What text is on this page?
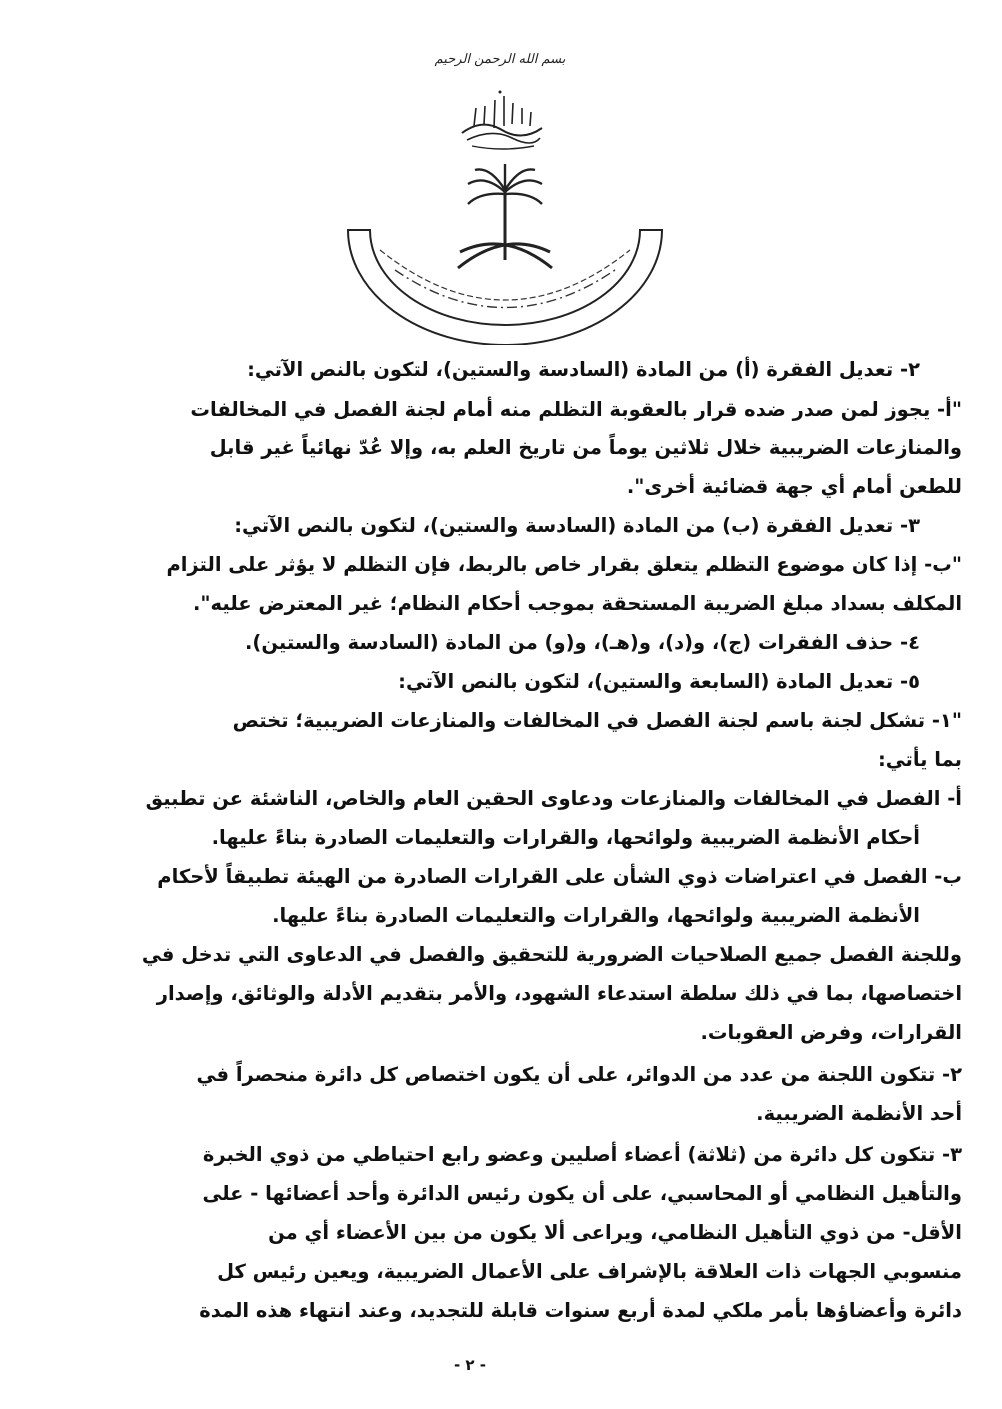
بسم الله الرحمن الرحيم
٢- تعديل الفقرة (أ) من المادة (السادسة والستين)، لتكون بالنص الآتي:
"أ- يجوز لمن صدر ضده قرار بالعقوبة التظلم منه أمام لجنة الفصل في المخالفات
والمنازعات الضريبية خلال ثلاثين يوماً من تاريخ العلم به، وإلا عُدّ نهائياً غير قابل
للطعن أمام أي جهة قضائية أخرى".
٣- تعديل الفقرة (ب) من المادة (السادسة والستين)، لتكون بالنص الآتي:
"ب- إذا كان موضوع التظلم يتعلق بقرار خاص بالربط، فإن التظلم لا يؤثر على التزام
المكلف بسداد مبلغ الضريبة المستحقة بموجب أحكام النظام؛ غير المعترض عليه".
٤- حذف الفقرات (ج)، و(د)، و(هـ)، و(و) من المادة (السادسة والستين).
٥- تعديل المادة (السابعة والستين)، لتكون بالنص الآتي:
"١- تشكل لجنة باسم لجنة الفصل في المخالفات والمنازعات الضريبية؛ تختص
بما يأتي:
أ- الفصل في المخالفات والمنازعات ودعاوى الحقين العام والخاص، الناشئة عن تطبيق
أحكام الأنظمة الضريبية ولوائحها، والقرارات والتعليمات الصادرة بناءً عليها.
ب- الفصل في اعتراضات ذوي الشأن على القرارات الصادرة من الهيئة تطبيقاً لأحكام
الأنظمة الضريبية ولوائحها، والقرارات والتعليمات الصادرة بناءً عليها.
وللجنة الفصل جميع الصلاحيات الضرورية للتحقيق والفصل في الدعاوى التي تدخل في
اختصاصها، بما في ذلك سلطة استدعاء الشهود، والأمر بتقديم الأدلة والوثائق، وإصدار
القرارات، وفرض العقوبات.
٢- تتكون اللجنة من عدد من الدوائر، على أن يكون اختصاص كل دائرة منحصراً في
أحد الأنظمة الضريبية.
٣- تتكون كل دائرة من (ثلاثة) أعضاء أصليين وعضو رابع احتياطي من ذوي الخبرة
والتأهيل النظامي أو المحاسبي، على أن يكون رئيس الدائرة وأحد أعضائها - على
الأقل- من ذوي التأهيل النظامي، ويراعى ألا يكون من بين الأعضاء أي من
منسوبي الجهات ذات العلاقة بالإشراف على الأعمال الضريبية، ويعين رئيس كل
دائرة وأعضاؤها بأمر ملكي لمدة أربع سنوات قابلة للتجديد، وعند انتهاء هذه المدة
- ٢ -
